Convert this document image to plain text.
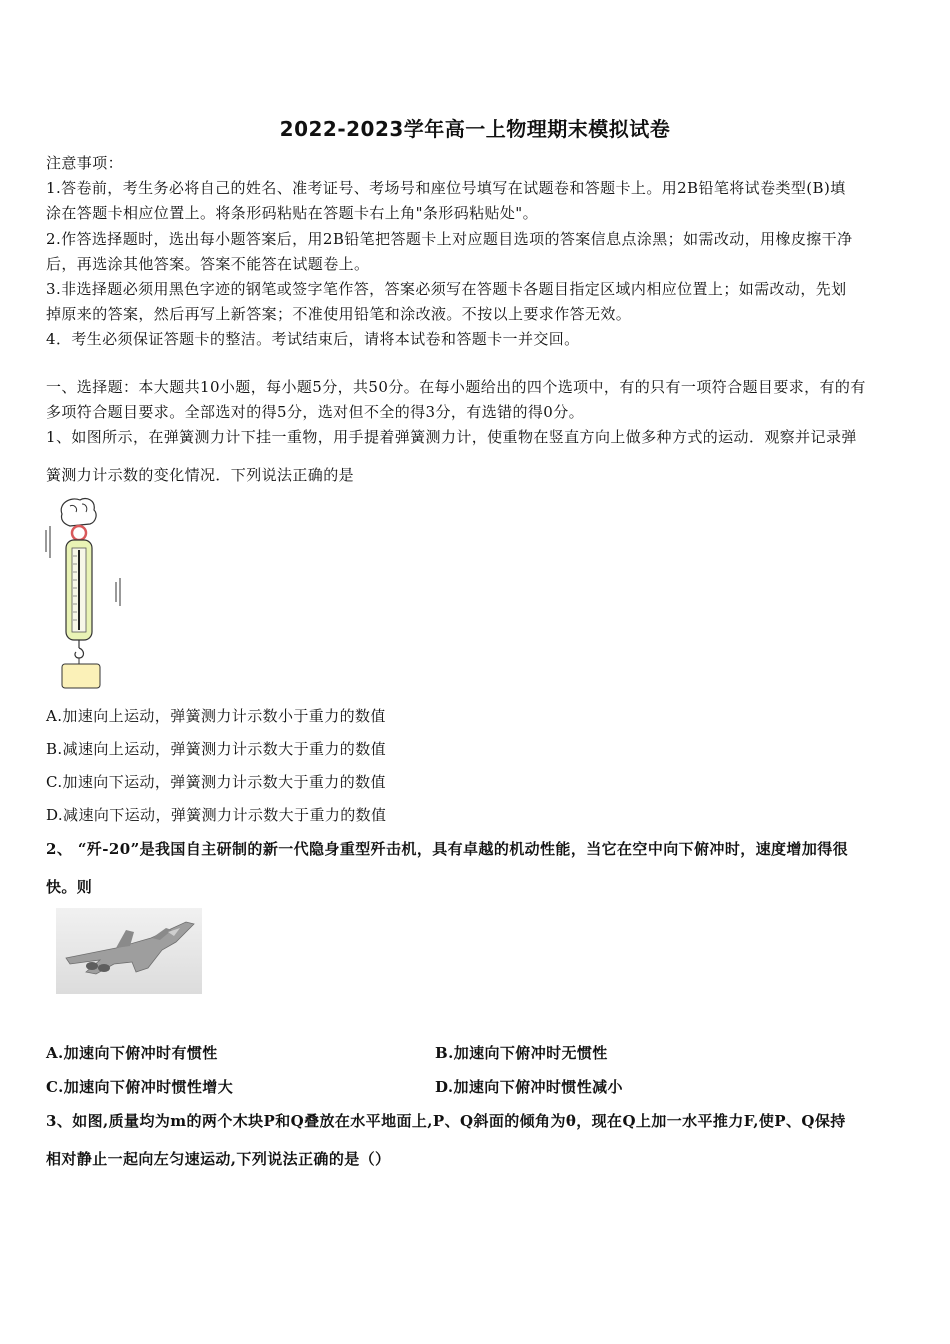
2022-2023学年高一上物理期末模拟试卷
注意事项：
1.答卷前，考生务必将自己的姓名、准考证号、考场号和座位号填写在试题卷和答题卡上。用2B铅笔将试卷类型(B)填
涂在答题卡相应位置上。将条形码粘贴在答题卡右上角"条形码粘贴处"。
2.作答选择题时，选出每小题答案后，用2B铅笔把答题卡上对应题目选项的答案信息点涂黑；如需改动，用橡皮擦干净
后，再选涂其他答案。答案不能答在试题卷上。
3.非选择题必须用黑色字迹的钢笔或签字笔作答，答案必须写在答题卡各题目指定区域内相应位置上；如需改动，先划
掉原来的答案，然后再写上新答案；不准使用铅笔和涂改液。不按以上要求作答无效。
4．考生必须保证答题卡的整洁。考试结束后，请将本试卷和答题卡一并交回。
一、选择题：本大题共10小题，每小题5分，共50分。在每小题给出的四个选项中，有的只有一项符合题目要求，有的有
多项符合题目要求。全部选对的得5分，选对但不全的得3分，有选错的得0分。
1、如图所示，在弹簧测力计下挂一重物，用手提着弹簧测力计，使重物在竖直方向上做多种方式的运动．观察并记录弹
簧测力计示数的变化情况．下列说法正确的是
A.加速向上运动，弹簧测力计示数小于重力的数值
B.减速向上运动，弹簧测力计示数大于重力的数值
C.加速向下运动，弹簧测力计示数大于重力的数值
D.减速向下运动，弹簧测力计示数大于重力的数值
2、 “歼-20”是我国自主研制的新一代隐身重型歼击机，具有卓越的机动性能，当它在空中向下俯冲时，速度增加得很
快。则
A.加速向下俯冲时有惯性	B.加速向下俯冲时无惯性
C.加速向下俯冲时惯性增大	D.加速向下俯冲时惯性减小
3、如图,质量均为m的两个木块P和Q叠放在水平地面上,P、Q斜面的倾角为θ，现在Q上加一水平推力F,使P、Q保持
相对静止一起向左匀速运动,下列说法正确的是（）
